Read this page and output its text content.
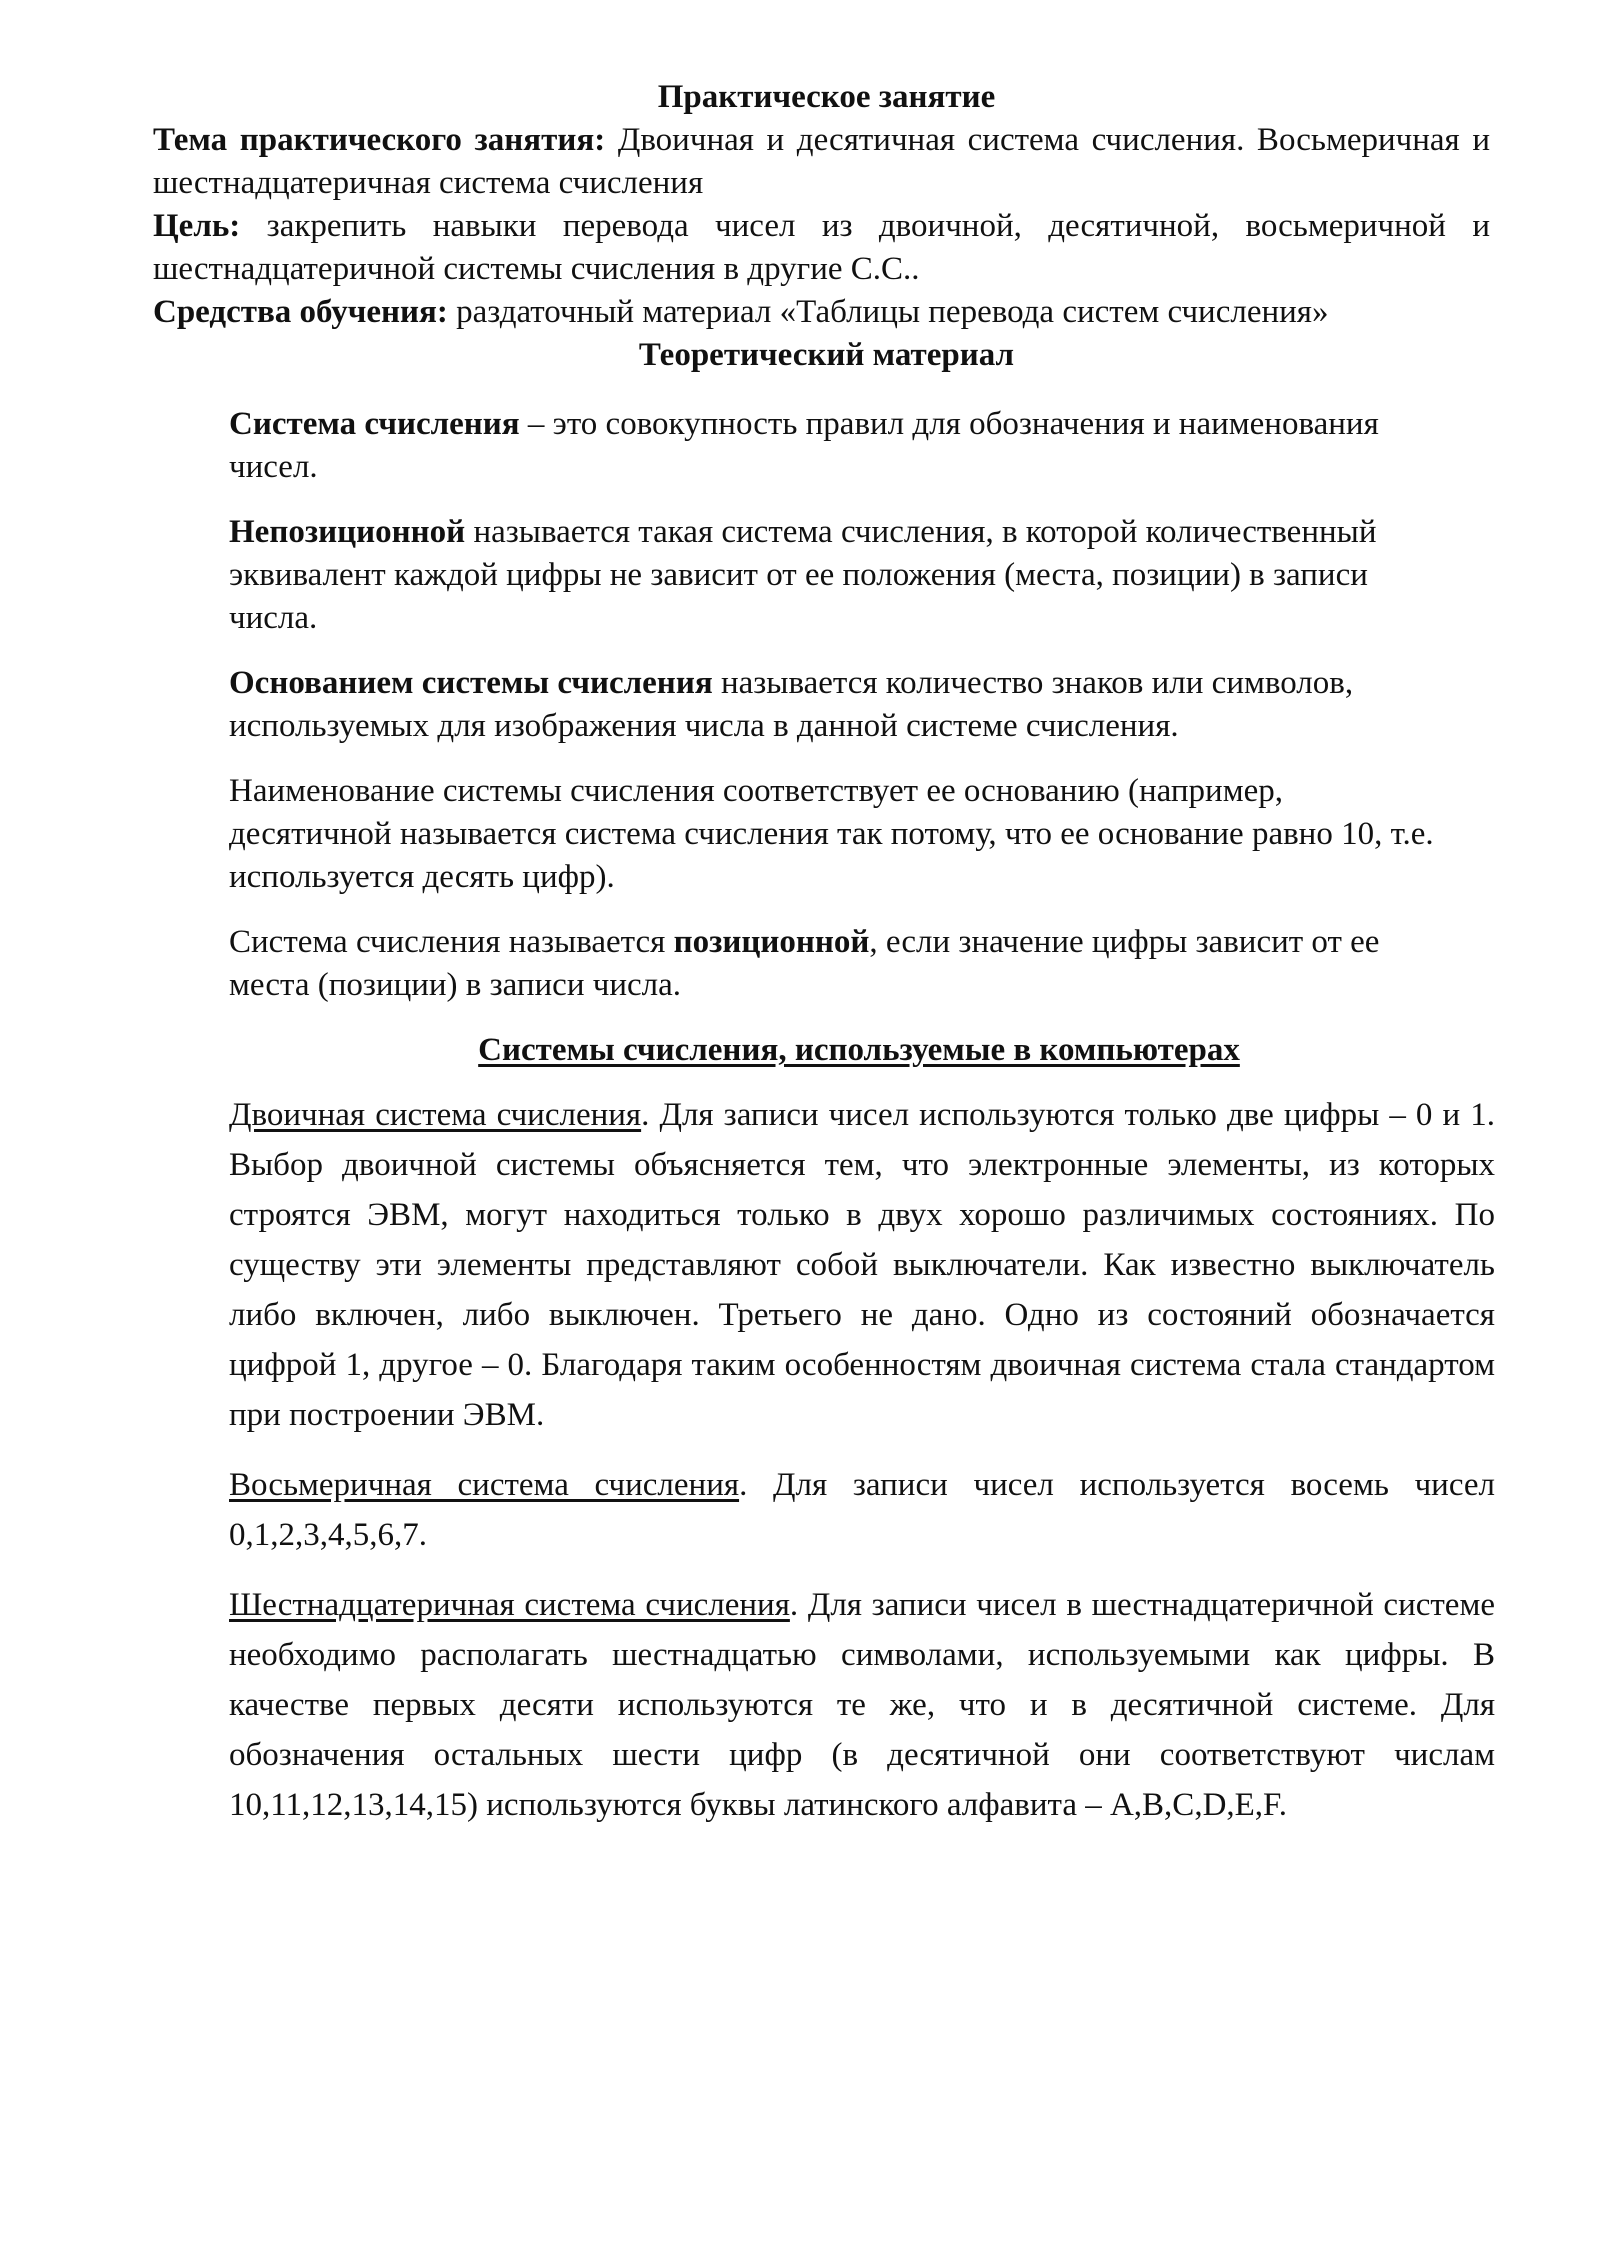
Практическое занятие
Тема практического занятия: Двоичная и десятичная система счисления. Восьмеричная и шестнадцатеричная система счисления
Цель: закрепить навыки перевода чисел из двоичной, десятичной, восьмеричной и шестнадцатеричной системы счисления в другие С.С..
Средства обучения: раздаточный материал «Таблицы перевода систем счисления»
Теоретический материал

Система счисления – это совокупность правил для обозначения и наименования чисел.

Непозиционной называется такая система счисления, в которой количественный эквивалент каждой цифры не зависит от ее положения (места, позиции) в записи числа.

Основанием системы счисления называется количество знаков или символов, используемых для изображения числа в данной системе счисления.

Наименование системы счисления соответствует ее основанию (например, десятичной называется система счисления так потому, что ее основание равно 10, т.е. используется десять цифр).

Система счисления называется позиционной, если значение цифры зависит от ее места (позиции) в записи числа.

Системы счисления, используемые в компьютерах

Двоичная система счисления. Для записи чисел используются только две цифры – 0 и 1. Выбор двоичной системы объясняется тем, что электронные элементы, из которых строятся ЭВМ, могут находиться только в двух хорошо различимых состояниях. По существу эти элементы представляют собой выключатели. Как известно выключатель либо включен, либо выключен. Третьего не дано. Одно из состояний обозначается цифрой 1, другое – 0. Благодаря таким особенностям двоичная система стала стандартом при построении ЭВМ.

Восьмеричная система счисления. Для записи чисел используется восемь чисел 0,1,2,3,4,5,6,7.

Шестнадцатеричная система счисления. Для записи чисел в шестнадцатеричной системе необходимо располагать шестнадцатью символами, используемыми как цифры. В качестве первых десяти используются те же, что и в десятичной системе. Для обозначения остальных шести цифр (в десятичной они соответствуют числам 10,11,12,13,14,15) используются буквы латинского алфавита – A,B,C,D,E,F.
